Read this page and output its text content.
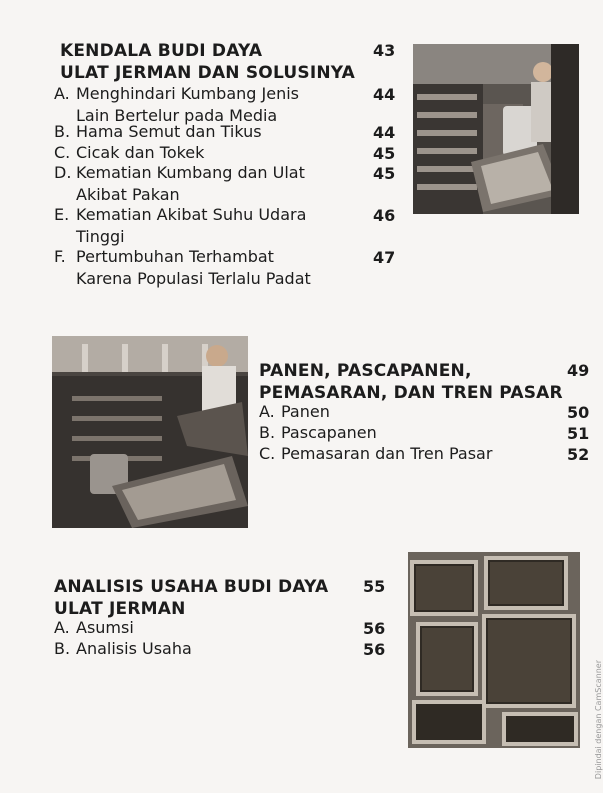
KENDALA BUDI DAYA
ULAT JERMAN DAN SOLUSINYA
43
A. Menghindari Kumbang Jenis
Lain Bertelur pada Media
44
B. Hama Semut dan Tikus	44
C. Cicak dan Tokek	45
D. Kematian Kumbang dan Ulat
Akibat Pakan
45
E. Kematian Akibat Suhu Udara
Tinggi
46
F. Pertumbuhan Terhambat
Karena Populasi Terlalu Padat
47
PANEN, PASCAPANEN,
PEMASARAN, DAN TREN PASAR
49
A. Panen	50
B. Pascapanen	51
C. Pemasaran dan Tren Pasar	52
ANALISIS USAHA BUDI DAYA
ULAT JERMAN
55
A. Asumsi	56
B. Analisis Usaha	56
Dipindai dengan CamScanner
